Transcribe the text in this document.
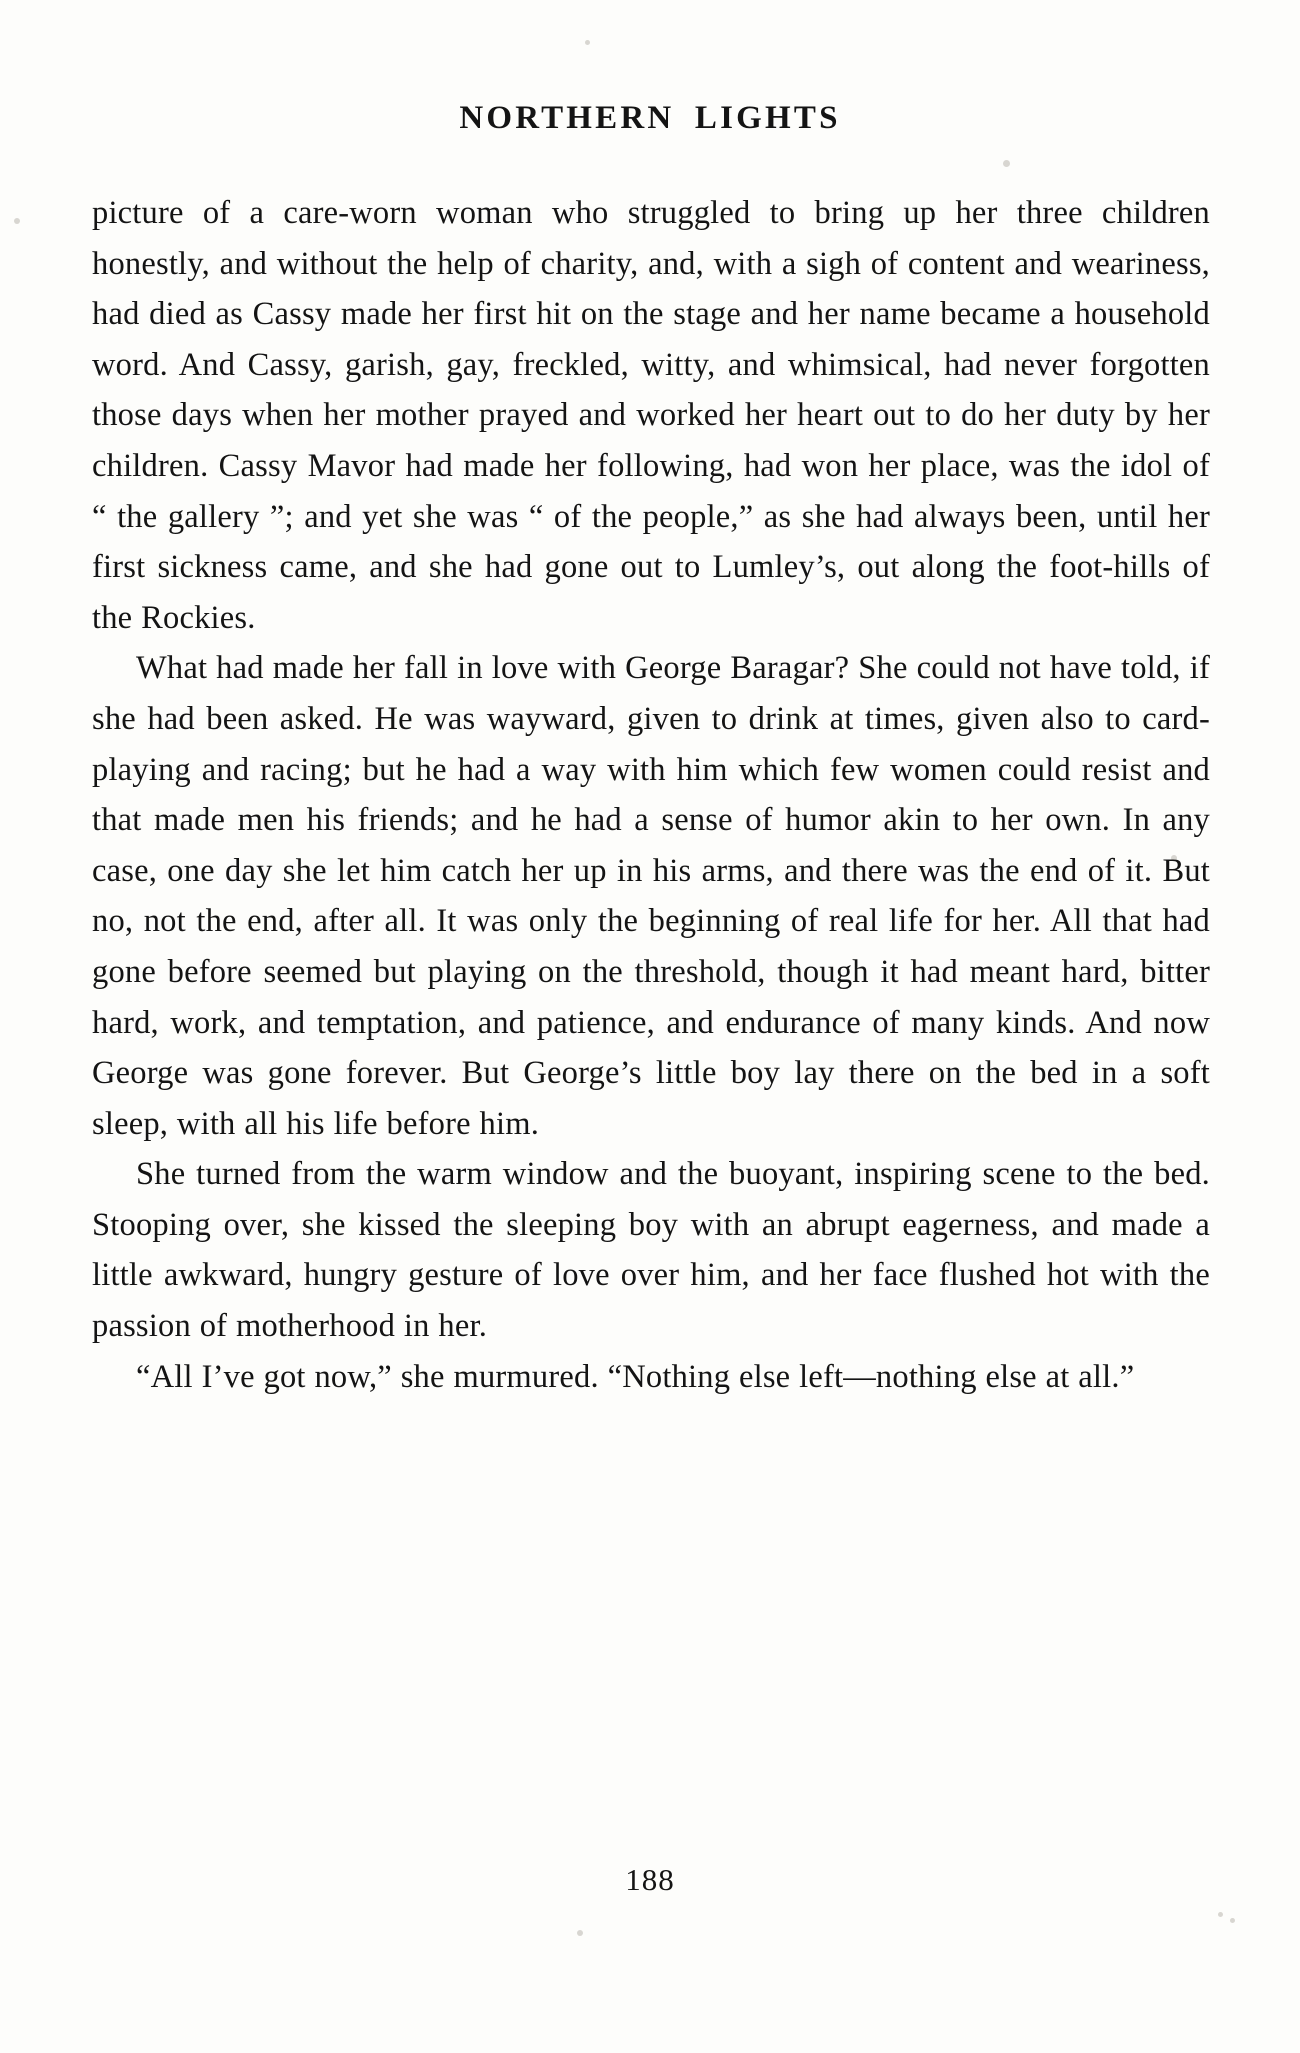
NORTHERN LIGHTS

picture of a care-worn woman who struggled to bring up her three children honestly, and without the help of charity, and, with a sigh of content and weariness, had died as Cassy made her first hit on the stage and her name became a household word. And Cassy, garish, gay, freckled, witty, and whimsical, had never forgotten those days when her mother prayed and worked her heart out to do her duty by her children. Cassy Mavor had made her following, had won her place, was the idol of “ the gallery ”; and yet she was “ of the people,” as she had always been, until her first sickness came, and she had gone out to Lumley’s, out along the foot-hills of the Rockies.

What had made her fall in love with George Baragar? She could not have told, if she had been asked. He was wayward, given to drink at times, given also to card-playing and racing; but he had a way with him which few women could resist and that made men his friends; and he had a sense of humor akin to her own. In any case, one day she let him catch her up in his arms, and there was the end of it. But no, not the end, after all. It was only the beginning of real life for her. All that had gone before seemed but playing on the threshold, though it had meant hard, bitter hard, work, and temptation, and patience, and endurance of many kinds. And now George was gone forever. But George’s little boy lay there on the bed in a soft sleep, with all his life before him.

She turned from the warm window and the buoyant, inspiring scene to the bed. Stooping over, she kissed the sleeping boy with an abrupt eagerness, and made a little awkward, hungry gesture of love over him, and her face flushed hot with the passion of motherhood in her.

“All I’ve got now,” she murmured. “Nothing else left—nothing else at all.”

188
